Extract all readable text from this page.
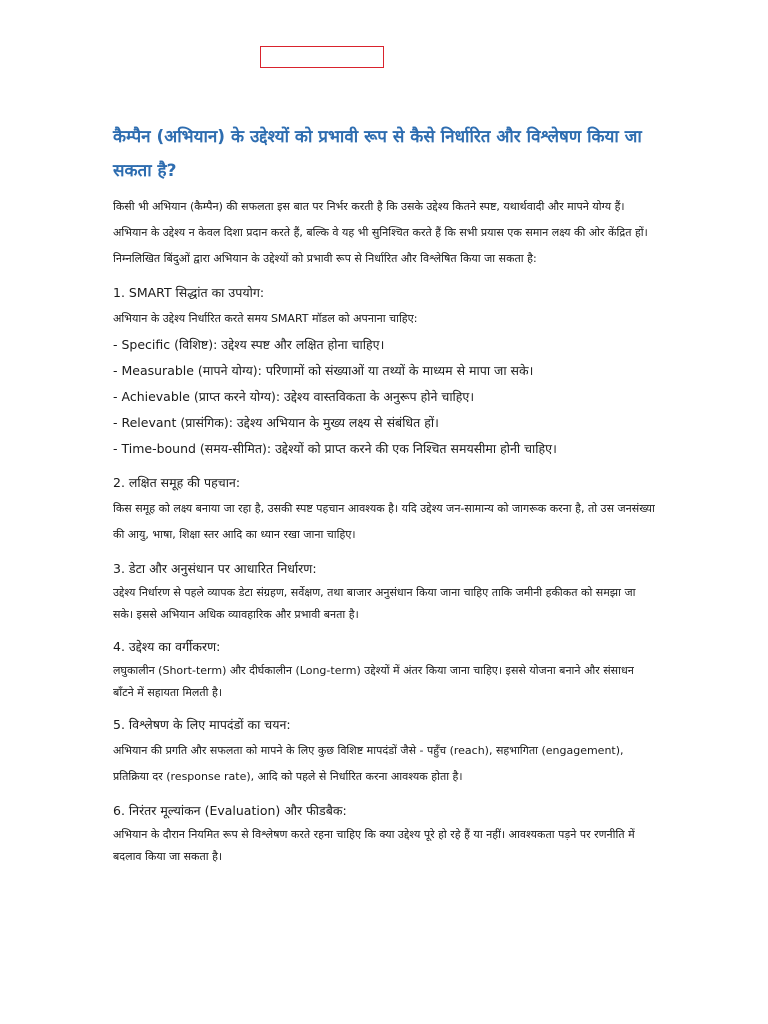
कैम्पैन (अभियान) के उद्देश्यों को प्रभावी रूप से कैसे निर्धारित और विश्लेषण किया जा सकता है?

किसी भी अभियान (कैम्पैन) की सफलता इस बात पर निर्भर करती है कि उसके उद्देश्य कितने स्पष्ट, यथार्थवादी और मापने योग्य हैं। अभियान के उद्देश्य न केवल दिशा प्रदान करते हैं, बल्कि वे यह भी सुनिश्चित करते हैं कि सभी प्रयास एक समान लक्ष्य की ओर केंद्रित हों। निम्नलिखित बिंदुओं द्वारा अभियान के उद्देश्यों को प्रभावी रूप से निर्धारित और विश्लेषित किया जा सकता है:

1. SMART सिद्धांत का उपयोग:

अभियान के उद्देश्य निर्धारित करते समय SMART मॉडल को अपनाना चाहिए:

- Specific (विशिष्ट): उद्देश्य स्पष्ट और लक्षित होना चाहिए।

- Measurable (मापने योग्य): परिणामों को संख्याओं या तथ्यों के माध्यम से मापा जा सके।

- Achievable (प्राप्त करने योग्य): उद्देश्य वास्तविकता के अनुरूप होने चाहिए।

- Relevant (प्रासंगिक): उद्देश्य अभियान के मुख्य लक्ष्य से संबंधित हों।

- Time-bound (समय-सीमित): उद्देश्यों को प्राप्त करने की एक निश्चित समयसीमा होनी चाहिए।

2. लक्षित समूह की पहचान:

किस समूह को लक्ष्य बनाया जा रहा है, उसकी स्पष्ट पहचान आवश्यक है। यदि उद्देश्य जन-सामान्य को जागरूक करना है, तो उस जनसंख्या की आयु, भाषा, शिक्षा स्तर आदि का ध्यान रखा जाना चाहिए।

3. डेटा और अनुसंधान पर आधारित निर्धारण:

उद्देश्य निर्धारण से पहले व्यापक डेटा संग्रहण, सर्वेक्षण, तथा बाजार अनुसंधान किया जाना चाहिए ताकि जमीनी हकीकत को समझा जा सके। इससे अभियान अधिक व्यावहारिक और प्रभावी बनता है।

4. उद्देश्य का वर्गीकरण:

लघुकालीन (Short-term) और दीर्घकालीन (Long-term) उद्देश्यों में अंतर किया जाना चाहिए। इससे योजना बनाने और संसाधन बाँटने में सहायता मिलती है।

5. विश्लेषण के लिए मापदंडों का चयन:

अभियान की प्रगति और सफलता को मापने के लिए कुछ विशिष्ट मापदंडों जैसे - पहुँच (reach), सहभागिता (engagement), प्रतिक्रिया दर (response rate), आदि को पहले से निर्धारित करना आवश्यक होता है।

6. निरंतर मूल्यांकन (Evaluation) और फीडबैक:

अभियान के दौरान नियमित रूप से विश्लेषण करते रहना चाहिए कि क्या उद्देश्य पूरे हो रहे हैं या नहीं। आवश्यकता पड़ने पर रणनीति में बदलाव किया जा सकता है।
